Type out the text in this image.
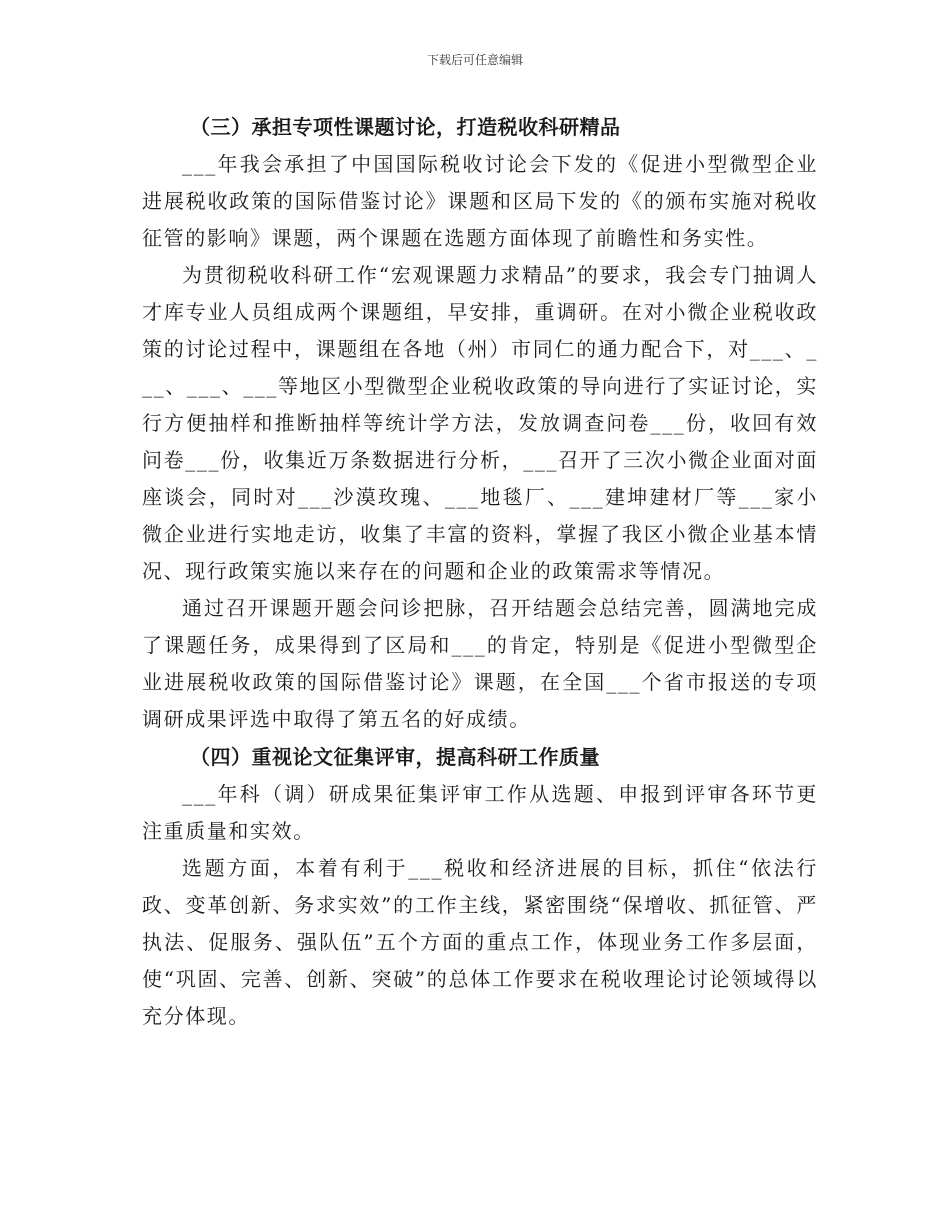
下载后可任意编辑
（三）承担专项性课题讨论，打造税收科研精品

___年我会承担了中国国际税收讨论会下发的《促进小型微型企业进展税收政策的国际借鉴讨论》课题和区局下发的《的颁布实施对税收征管的影响》课题，两个课题在选题方面体现了前瞻性和务实性。

为贯彻税收科研工作“宏观课题力求精品”的要求，我会专门抽调人才库专业人员组成两个课题组，早安排，重调研。在对小微企业税收政策的讨论过程中，课题组在各地（州）市同仁的通力配合下，对___、___、___、___等地区小型微型企业税收政策的导向进行了实证讨论，实行方便抽样和推断抽样等统计学方法，发放调查问卷___份，收回有效问卷___份，收集近万条数据进行分析，___召开了三次小微企业面对面座谈会，同时对___沙漠玫瑰、___地毯厂、___建坤建材厂等___家小微企业进行实地走访，收集了丰富的资料，掌握了我区小微企业基本情况、现行政策实施以来存在的问题和企业的政策需求等情况。

通过召开课题开题会问诊把脉，召开结题会总结完善，圆满地完成了课题任务，成果得到了区局和___的肯定，特别是《促进小型微型企业进展税收政策的国际借鉴讨论》课题，在全国___个省市报送的专项调研成果评选中取得了第五名的好成绩。

（四）重视论文征集评审，提高科研工作质量

___年科（调）研成果征集评审工作从选题、申报到评审各环节更注重质量和实效。

选题方面，本着有利于___税收和经济进展的目标，抓住“依法行政、变革创新、务求实效”的工作主线，紧密围绕“保增收、抓征管、严执法、促服务、强队伍”五个方面的重点工作，体现业务工作多层面，使“巩固、完善、创新、突破”的总体工作要求在税收理论讨论领域得以充分体现。
